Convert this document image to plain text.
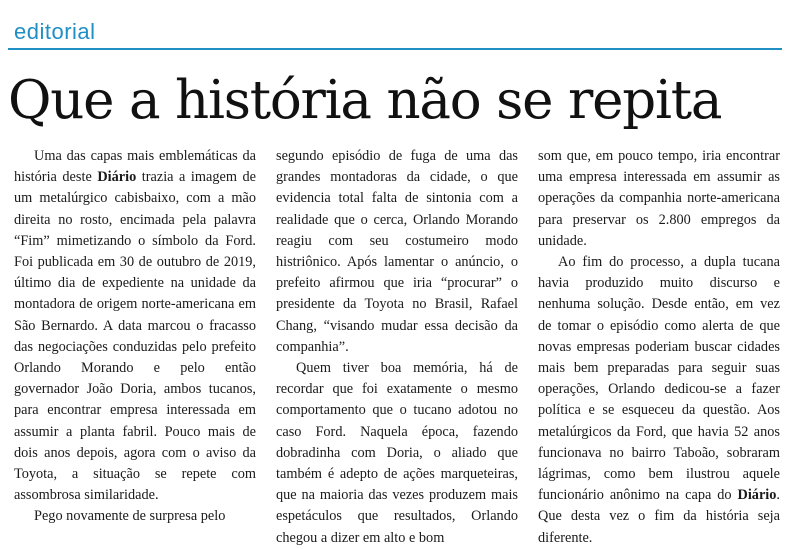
editorial
Que a história não se repita

Uma das capas mais emblemáticas da história deste Diário trazia a imagem de um metalúrgico cabisbaixo, com a mão direita no rosto, encimada pela palavra “Fim” mimetizando o símbolo da Ford. Foi publicada em 30 de outubro de 2019, último dia de expediente na unidade da montadora de origem norte-americana em São Bernardo. A data marcou o fracasso das negociações conduzidas pelo prefeito Orlando Morando e pelo então governador João Doria, ambos tucanos, para encontrar empresa interessada em assumir a planta fabril. Pouco mais de dois anos depois, agora com o aviso da Toyota, a situação se repete com assombrosa similaridade.

Pego novamente de surpresa pelo

segundo episódio de fuga de uma das grandes montadoras da cidade, o que evidencia total falta de sintonia com a realidade que o cerca, Orlando Morando reagiu com seu costumeiro modo histriônico. Após lamentar o anúncio, o prefeito afirmou que iria “procurar” o presidente da Toyota no Brasil, Rafael Chang, “visando mudar essa decisão da companhia”.

Quem tiver boa memória, há de recordar que foi exatamente o mesmo comportamento que o tucano adotou no caso Ford. Naquela época, fazendo dobradinha com Doria, o aliado que também é adepto de ações marqueteiras, que na maioria das vezes produzem mais espetáculos que resultados, Orlando chegou a dizer em alto e bom

som que, em pouco tempo, iria encontrar uma empresa interessada em assumir as operações da companhia norte-americana para preservar os 2.800 empregos da unidade.

Ao fim do processo, a dupla tucana havia produzido muito discurso e nenhuma solução. Desde então, em vez de tomar o episódio como alerta de que novas empresas poderiam buscar cidades mais bem preparadas para seguir suas operações, Orlando dedicou-se a fazer política e se esqueceu da questão. Aos metalúrgicos da Ford, que havia 52 anos funcionava no bairro Taboão, sobraram lágrimas, como bem ilustrou aquele funcionário anônimo na capa do Diário. Que desta vez o fim da história seja diferente.
